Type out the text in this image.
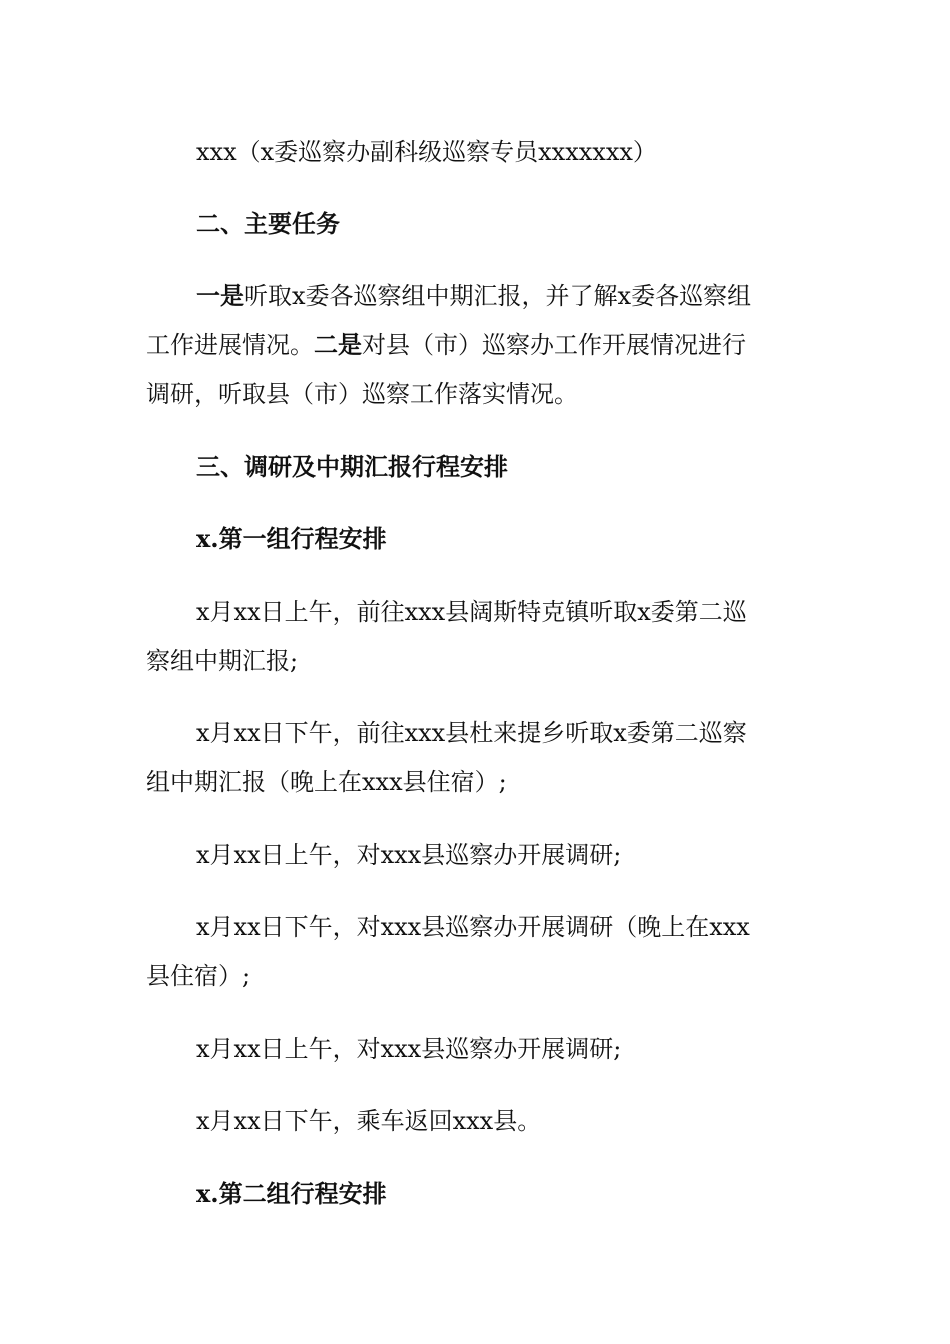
xxx（x委巡察办副科级巡察专员xxxxxxx）
二、主要任务
一是听取x委各巡察组中期汇报，并了解x委各巡察组
工作进展情况。二是对县（市）巡察办工作开展情况进行
调研，听取县（市）巡察工作落实情况。
三、调研及中期汇报行程安排
x.第一组行程安排
x月xx日上午，前往xxx县阔斯特克镇听取x委第二巡
察组中期汇报;
x月xx日下午，前往xxx县杜来提乡听取x委第二巡察
组中期汇报（晚上在xxx县住宿）;
x月xx日上午，对xxx县巡察办开展调研;
x月xx日下午，对xxx县巡察办开展调研（晚上在xxx
县住宿）;
x月xx日上午，对xxx县巡察办开展调研;
x月xx日下午，乘车返回xxx县。
x.第二组行程安排
